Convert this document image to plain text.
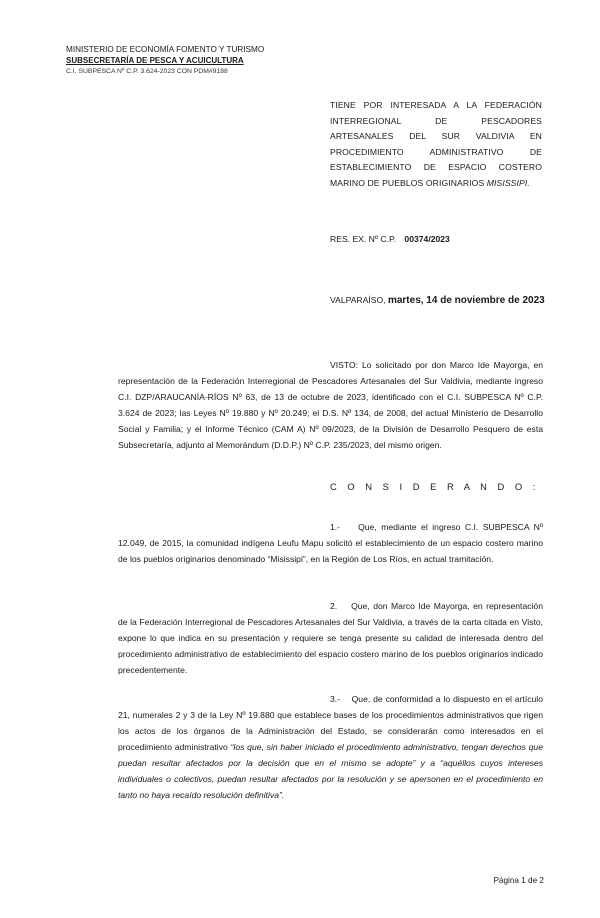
MINISTERIO DE ECONOMÍA FOMENTO Y TURISMO
SUBSECRETARÍA DE PESCA Y ACUICULTURA
C.I. SUBPESCA Nº C.P. 3.624-2023 CON PDM#9188
TIENE POR INTERESADA A LA FEDERACIÓN INTERREGIONAL DE PESCADORES ARTESANALES DEL SUR VALDIVIA EN PROCEDIMIENTO ADMINISTRATIVO DE ESTABLECIMIENTO DE ESPACIO COSTERO MARINO DE PUEBLOS ORIGINARIOS MISISSIPI.
RES. EX. Nº C.P. 00374/2023
VALPARAÍSO, martes, 14 de noviembre de 2023
VISTO: Lo solicitado por don Marco Ide Mayorga, en representación de la Federación Interregional de Pescadores Artesanales del Sur Valdivia, mediante ingreso C.I. DZP/ARAUCANÍA-RÍOS Nº 63, de 13 de octubre de 2023, identificado con el C.I. SUBPESCA Nº C.P. 3.624 de 2023; las Leyes Nº 19.880 y Nº 20.249; el D.S. Nº 134, de 2008, del actual Ministerio de Desarrollo Social y Familia; y el Informe Técnico (CAM A) Nº 09/2023, de la División de Desarrollo Pesquero de esta Subsecretaría, adjunto al Memorándum (D.D.P.) Nº C.P. 235/2023, del mismo origen.
C O N S I D E R A N D O :
1.- Que, mediante el ingreso C.I. SUBPESCA Nº 12.049, de 2015, la comunidad indígena Leufu Mapu solicitó el establecimiento de un espacio costero marino de los pueblos originarios denominado “Misissipi”, en la Región de Los Ríos, en actual tramitación.
2. Que, don Marco Ide Mayorga, en representación de la Federación Interregional de Pescadores Artesanales del Sur Valdivia, a través de la carta citada en Visto, expone lo que indica en su presentación y requiere se tenga presente su calidad de interesada dentro del procedimiento administrativo de establecimiento del espacio costero marino de los pueblos originarios indicado precedentemente.
3.- Que, de conformidad a lo dispuesto en el artículo 21, numerales 2 y 3 de la Ley Nº 19.880 que establece bases de los procedimientos administrativos que rigen los actos de los órganos de la Administración del Estado, se considerarán como interesados en el procedimiento administrativo “los que, sin haber iniciado el procedimiento administrativo, tengan derechos que puedan resultar afectados por la decisión que en el mismo se adopte” y a “aquéllos cuyos intereses individuales o colectivos, puedan resultar afectados por la resolución y se apersonen en el procedimiento en tanto no haya recaído resolución definitiva”.
Página 1 de 2
